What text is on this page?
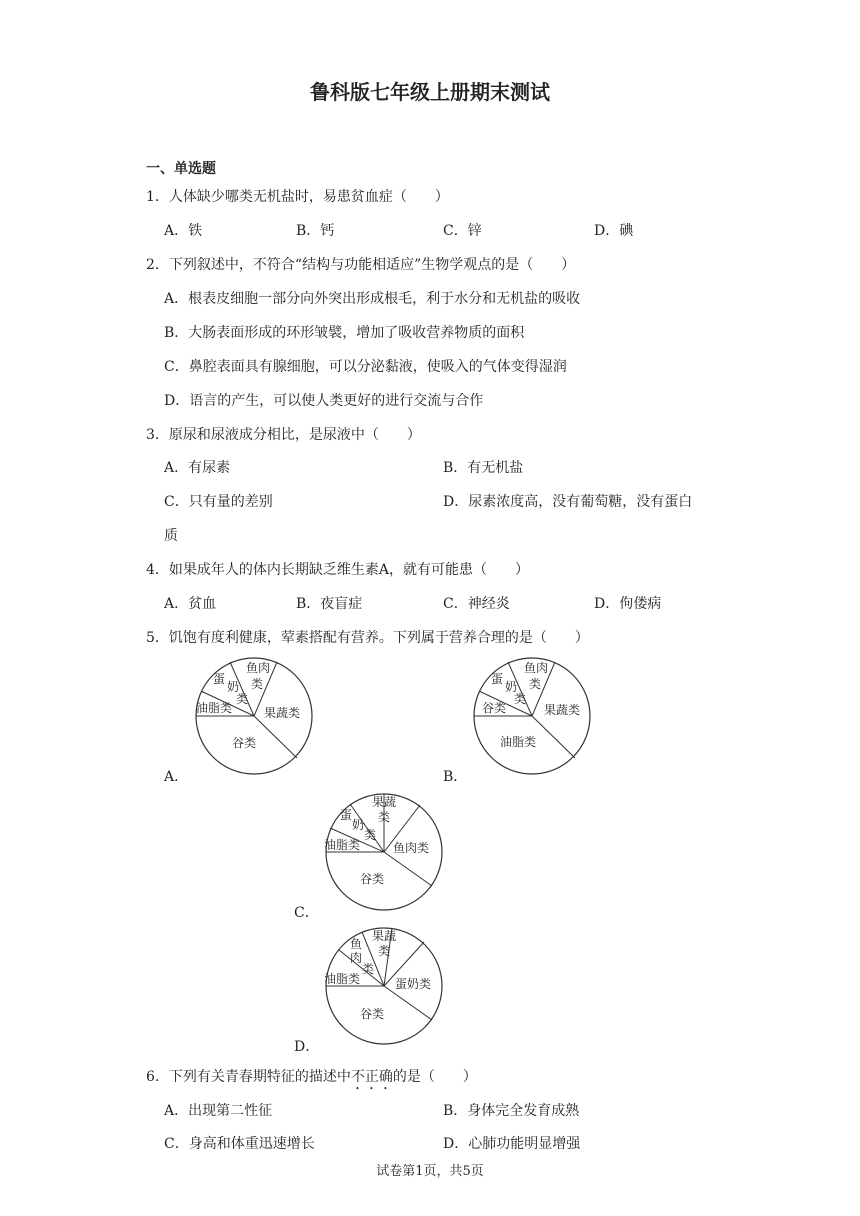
鲁科版七年级上册期末测试
一、单选题
1．人体缺少哪类无机盐时，易患贫血症（　　）
A．铁	B．钙	C．锌	D．碘
2．下列叙述中，不符合“结构与功能相适应”生物学观点的是（　　）
A．根表皮细胞一部分向外突出形成根毛，利于水分和无机盐的吸收
B．大肠表面形成的环形皱襞，增加了吸收营养物质的面积
C．鼻腔表面具有腺细胞，可以分泌黏液，使吸入的气体变得湿润
D．语言的产生，可以使人类更好的进行交流与合作
3．原尿和尿液成分相比，是尿液中（　　）
A．有尿素	B．有无机盐
C．只有量的差别	D．尿素浓度高，没有葡萄糖，没有蛋白
质
4．如果成年人的体内长期缺乏维生素A，就有可能患（　　）
A．贫血	B．夜盲症	C．神经炎	D．佝偻病
5．饥饱有度利健康，荤素搭配有营养。下列属于营养合理的是（　　）
A．
鱼肉
类
蛋
奶
类
油脂类	果蔬类
谷类
B．
鱼肉
类
蛋
奶
类
谷类	果蔬类
油脂类
C．
果蔬
类
蛋
奶
类
油脂类	鱼肉类
谷类
D．
果蔬
类
鱼
肉
类
油脂类	蛋奶类
谷类
6．下列有关青春期特征的描述中不正确的是（　　）
A．出现第二性征	B．身体完全发育成熟
C．身高和体重迅速增长	D．心肺功能明显增强
试卷第1页，共5页
